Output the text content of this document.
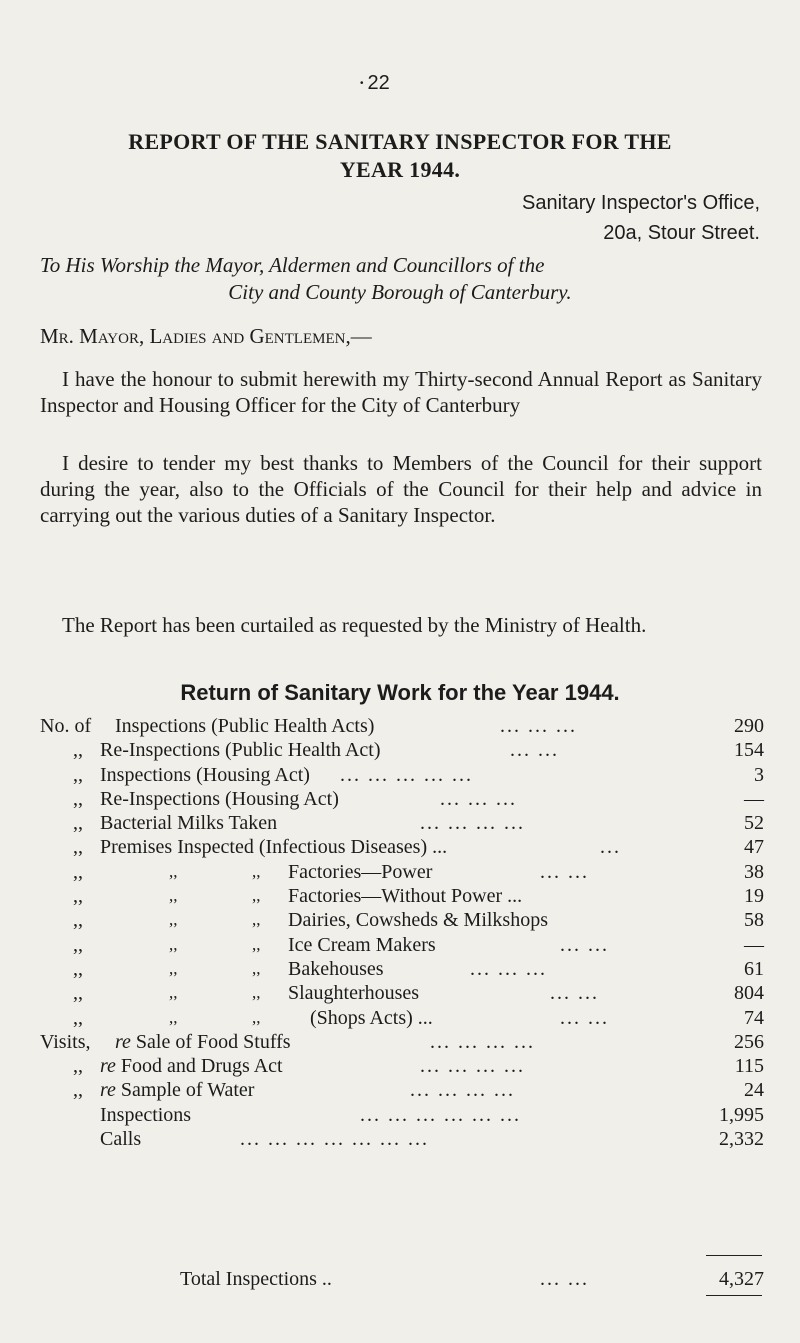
• 22
REPORT OF THE SANITARY INSPECTOR FOR THE
YEAR 1944.
Sanitary Inspector's Office,
20a, Stour Street.
To His Worship the Mayor, Aldermen and Councillors of the
City and County Borough of Canterbury.
Mr. Mayor, Ladies and Gentlemen,—
I have the honour to submit herewith my Thirty-second Annual Report as Sanitary Inspector and Housing Officer for the City of Canterbury
I desire to tender my best thanks to Members of the Council for their support during the year, also to the Officials of the Council for their help and advice in carrying out the various duties of a Sanitary Inspector.
The Report has been curtailed as requested by the Ministry of Health.
Return of Sanitary Work for the Year 1944.
No. of Inspections (Public Health Acts)	... ... ...	290
,, Re-Inspections (Public Health Act)	... ...	154
,, Inspections (Housing Act) ... ... ... ... ...	3
,, Re-Inspections (Housing Act)	... ... ...	—
,, Bacterial Milks Taken	... ... ... ...	52
,, Premises Inspected (Infectious Diseases) ...	...	47
,,	,,	,, Factories—Power	... ...	38
,,	,,	,, Factories—Without Power ...	19
,,	,,	,, Dairies, Cowsheds & Milkshops	58
,,	,,	,, Ice Cream Makers	... ...	—
,,	,,	,, Bakehouses	... ... ...	61
,,	,,	,, Slaughterhouses	... ...	804
,,	,,	,, (Shops Acts) ...	... ...	74
Visits, re Sale of Food Stuffs	... ... ... ...	256
,, re Food and Drugs Act	... ... ... ...	115
,, re Sample of Water	... ... ... ...	24
Inspections	... ... ... ... ... ...	1,995
Calls	... ... ... ... ... ... ...	2,332
Total Inspections ..	... ...	4,327
